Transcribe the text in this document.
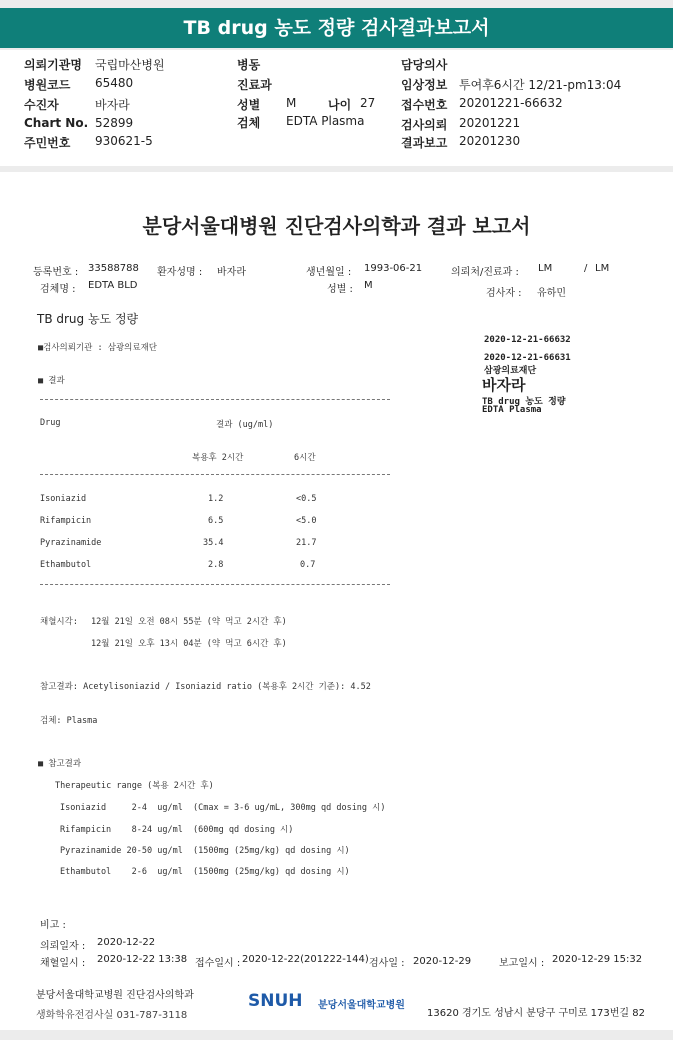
TB drug 농도 정량 검사결과보고서
의뢰기관명 국립마산병원
병원코드 65480
수진자	바자라
Chart No. 52899
주민번호 930621-5
병동
진료과
성별 M	나이 27
검체 EDTA Plasma
담당의사
임상정보 투여후6시간 12/21-pm13:04
접수번호 20201221-66632
검사의뢰 20201221
결과보고 20201230
분당서울대병원 진단검사의학과 결과 보고서
등록번호 : 33588788 환자성명 : 바자라	생년월일 : 1993-06-21	의뢰처/진료과 : LM	/ LM
검체명 : EDTA BLD	성별 : M
검사자 : 유하민
TB drug 농도 정량
■검사의뢰기관 : 삼광의료재단
■ 결과
Drug	결과 (ug/ml)
복용후 2시간	6시간
Isoniazid	1.2	<0.5
Rifampicin	6.5	<5.0
Pyrazinamide	35.4	21.7
Ethambutol	2.8	0.7
채혈시각: 12월 21일 오전 08시 55분 (약 먹고 2시간 후)
12월 21일 오후 13시 04분 (약 먹고 6시간 후)
참고결과: Acetylisoniazid / Isoniazid ratio (복용후 2시간 기준): 4.52
검체: Plasma
■ 참고결과
Therapeutic range (복용 2시간 후)
Isoniazid     2-4  ug/ml  (Cmax = 3-6 ug/mL, 300mg qd dosing 시)
Rifampicin    8-24 ug/ml  (600mg qd dosing 시)
Pyrazinamide 20-50 ug/ml  (1500mg (25mg/kg) qd dosing 시)
Ethambutol    2-6  ug/ml  (1500mg (25mg/kg) qd dosing 시)
비고 :
의뢰일자 : 2020-12-22
채혈일시 : 2020-12-22 13:38 접수일시 : 2020-12-22(201222-144) 검사일 : 2020-12-29	보고일시 : 2020-12-29 15:32
분당서울대학교병원 진단검사의학과
생화학유전검사실 031-787-3118
SNUH 분당서울대학교병원
13620 경기도 성남시 분당구 구미로 173번길 82
2020-12-21-66632
2020-12-21-66631
삼광의료재단
바자라
TB drug 농도 정량
EDTA Plasma
